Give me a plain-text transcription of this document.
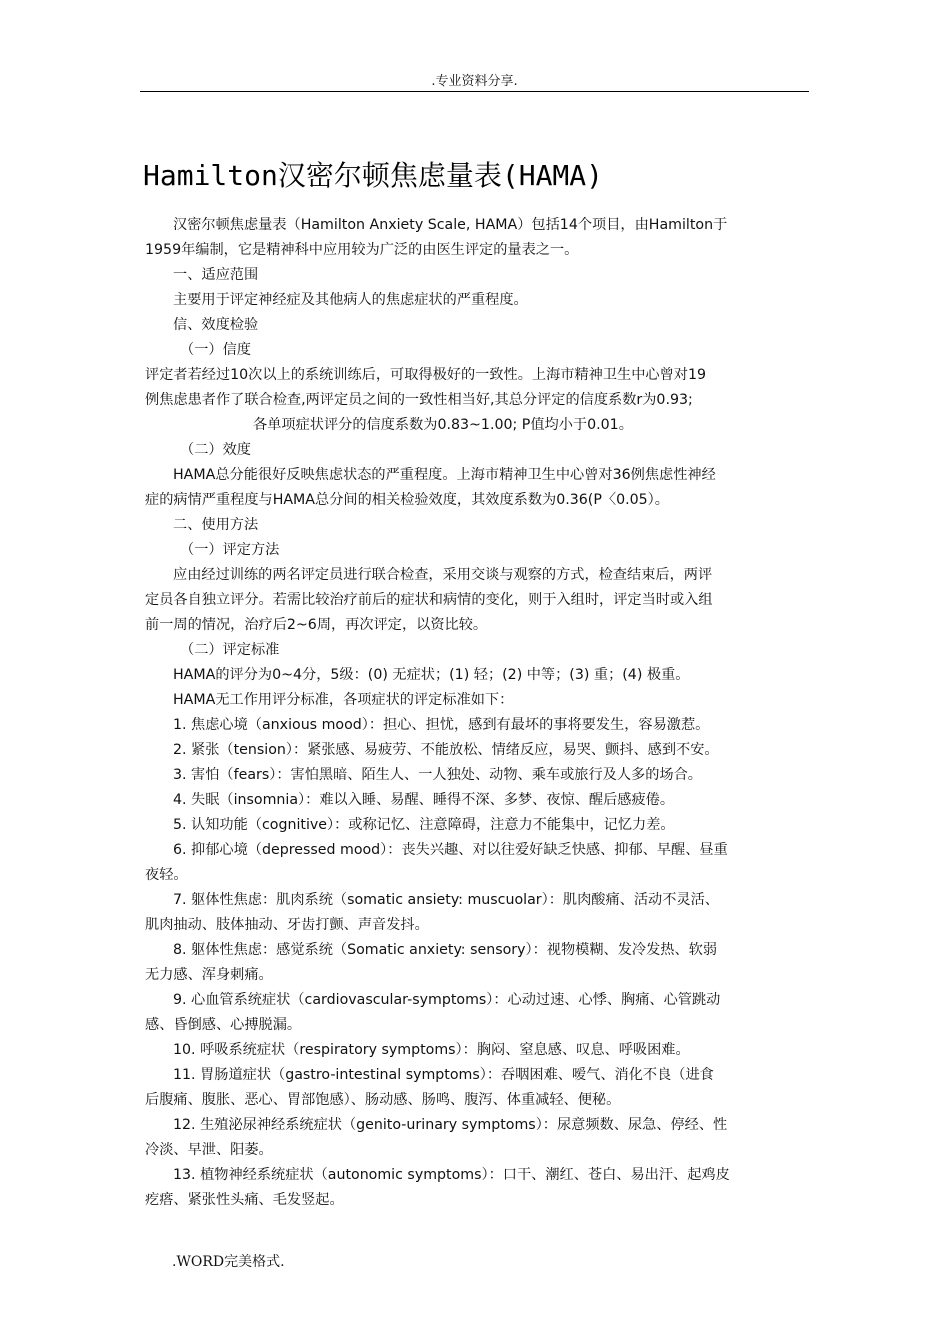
.专业资料分享.
Hamilton汉密尔顿焦虑量表(HAMA)
汉密尔顿焦虑量表（Hamilton Anxiety Scale, HAMA）包括14个项目，由Hamilton于
1959年编制，它是精神科中应用较为广泛的由医生评定的量表之一。
一、适应范围
主要用于评定神经症及其他病人的焦虑症状的严重程度。
信、效度检验
（一）信度
评定者若经过10次以上的系统训练后，可取得极好的一致性。上海市精神卫生中心曾对19
例焦虑患者作了联合检查,两评定员之间的一致性相当好,其总分评定的信度系数r为0.93;
各单项症状评分的信度系数为0.83~1.00; P值均小于0.01。
（二）效度
HAMA总分能很好反映焦虑状态的严重程度。上海市精神卫生中心曾对36例焦虑性神经
症的病情严重程度与HAMA总分间的相关检验效度，其效度系数为0.36(P〈0.05）。
二、使用方法
（一）评定方法
应由经过训练的两名评定员进行联合检查，采用交谈与观察的方式，检查结束后，两评
定员各自独立评分。若需比较治疗前后的症状和病情的变化，则于入组时，评定当时或入组
前一周的情况，治疗后2~6周，再次评定，以资比较。
（二）评定标准
HAMA的评分为0~4分，5级：(0) 无症状；(1) 轻；(2) 中等；(3) 重；(4) 极重。
HAMA无工作用评分标准，各项症状的评定标准如下：
1. 焦虑心境（anxious mood）：担心、担忧，感到有最坏的事将要发生，容易激惹。
2. 紧张（tension）：紧张感、易疲劳、不能放松、情绪反应，易哭、颤抖、感到不安。
3. 害怕（fears）：害怕黑暗、陌生人、一人独处、动物、乘车或旅行及人多的场合。
4. 失眠（insomnia）：难以入睡、易醒、睡得不深、多梦、夜惊、醒后感疲倦。
5. 认知功能（cognitive）：或称记忆、注意障碍，注意力不能集中，记忆力差。
6. 抑郁心境（depressed mood）：丧失兴趣、对以往爱好缺乏快感、抑郁、早醒、昼重
夜轻。
7. 躯体性焦虑：肌肉系统（somatic ansiety: muscuolar）：肌肉酸痛、活动不灵活、
肌肉抽动、肢体抽动、牙齿打颤、声音发抖。
8. 躯体性焦虑：感觉系统（Somatic anxiety: sensory）：视物模糊、发冷发热、软弱
无力感、浑身刺痛。
9. 心血管系统症状（cardiovascular-symptoms）：心动过速、心悸、胸痛、心管跳动
感、昏倒感、心搏脱漏。
10. 呼吸系统症状（respiratory symptoms）：胸闷、窒息感、叹息、呼吸困难。
11. 胃肠道症状（gastro-intestinal symptoms）：吞咽困难、嗳气、消化不良（进食
后腹痛、腹胀、恶心、胃部饱感）、肠动感、肠鸣、腹泻、体重减轻、便秘。
12. 生殖泌尿神经系统症状（genito-urinary symptoms）：尿意频数、尿急、停经、性
冷淡、早泄、阳萎。
13. 植物神经系统症状（autonomic symptoms）：口干、潮红、苍白、易出汗、起鸡皮
疙瘩、紧张性头痛、毛发竖起。
.WORD完美格式.
